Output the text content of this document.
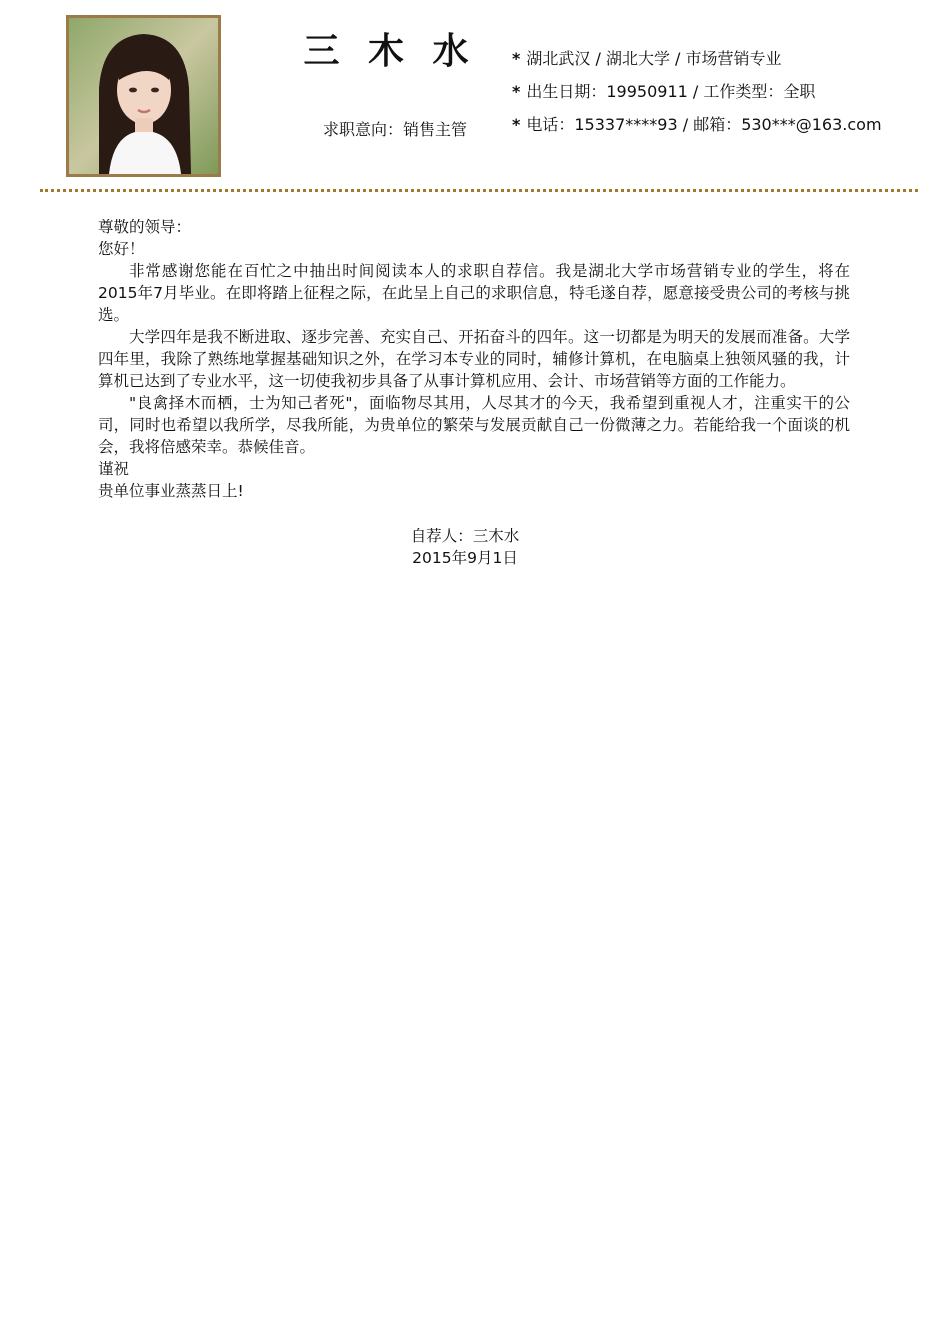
三 木 水
求职意向：销售主管
* 湖北武汉 / 湖北大学 / 市场营销专业
* 出生日期：19950911 / 工作类型：全职
* 电话：15337****93 / 邮箱：530***@163.com

尊敬的领导：

您好！

非常感谢您能在百忙之中抽出时间阅读本人的求职自荐信。我是湖北大学市场营销专业的学生，将在2015年7月毕业。在即将踏上征程之际，在此呈上自己的求职信息，特毛遂自荐，愿意接受贵公司的考核与挑选。

大学四年是我不断进取、逐步完善、充实自己、开拓奋斗的四年。这一切都是为明天的发展而准备。大学四年里，我除了熟练地掌握基础知识之外，在学习本专业的同时，辅修计算机，在电脑桌上独领风骚的我，计算机已达到了专业水平，这一切使我初步具备了从事计算机应用、会计、市场营销等方面的工作能力。

"良禽择木而栖，士为知己者死"，面临物尽其用，人尽其才的今天，我希望到重视人才，注重实干的公司，同时也希望以我所学，尽我所能，为贵单位的繁荣与发展贡献自己一份微薄之力。若能给我一个面谈的机会，我将倍感荣幸。恭候佳音。

谨祝

贵单位事业蒸蒸日上!

自荐人：三木水
2015年9月1日
